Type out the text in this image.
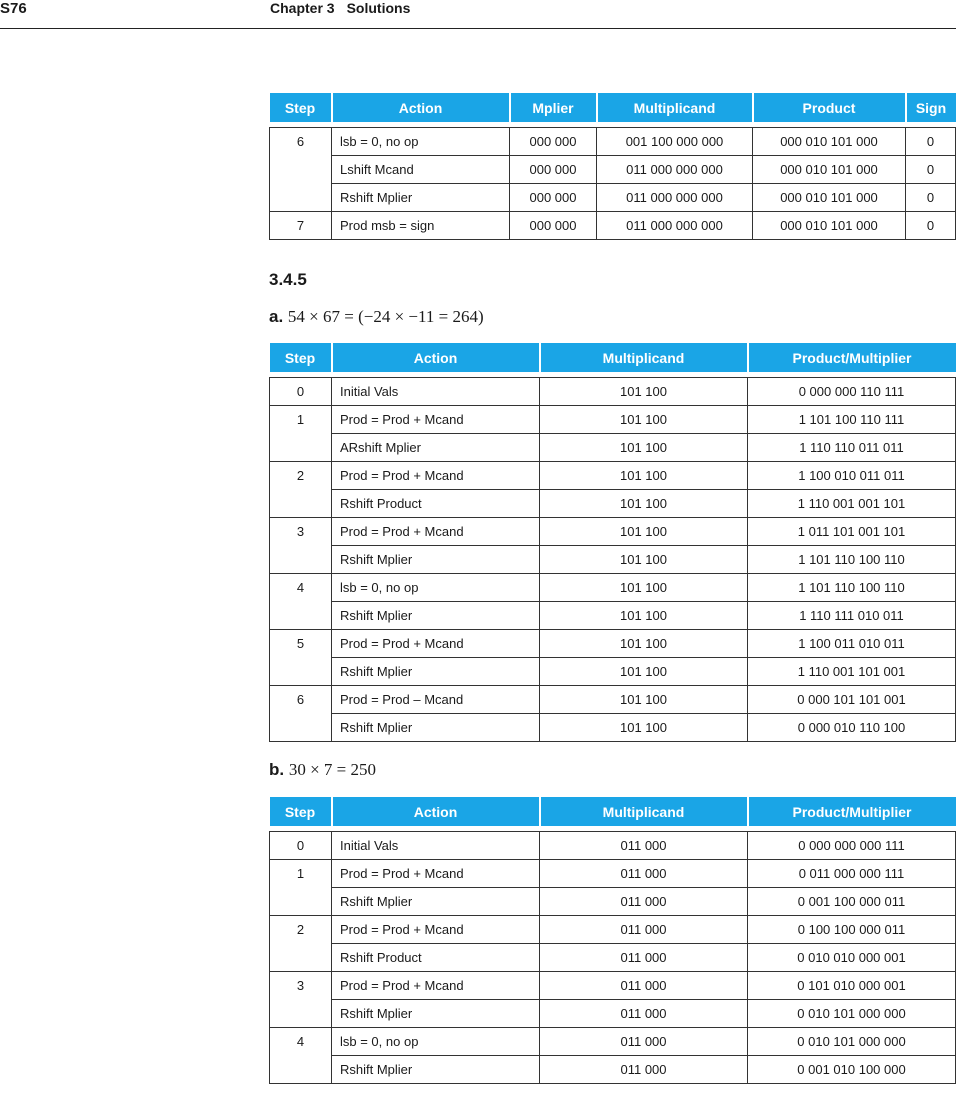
S76	Chapter 3 Solutions
Step	Action	Mplier	Multiplicand	Product	Sign

6	lsb = 0, no op	000 000	001 100 000 000	000 010 101 000	0
	Lshift Mcand	000 000	011 000 000 000	000 010 101 000	0
	Rshift Mplier	000 000	011 000 000 000	000 010 101 000	0
7	Prod msb = sign	000 000	011 000 000 000	000 010 101 000	0
3.4.5
a. 54 × 67 = (−24 × −11 = 264)
Step	Action	Multiplicand	Product/Multiplier

0	Initial Vals	101 100	0 000 000 110 111
1	Prod = Prod + Mcand	101 100	1 101 100 110 111
	ARshift Mplier	101 100	1 110 110 011 011
2	Prod = Prod + Mcand	101 100	1 100 010 011 011
	Rshift Product	101 100	1 110 001 001 101
3	Prod = Prod + Mcand	101 100	1 011 101 001 101
	Rshift Mplier	101 100	1 101 110 100 110
4	lsb = 0, no op	101 100	1 101 110 100 110
	Rshift Mplier	101 100	1 110 111 010 011
5	Prod = Prod + Mcand	101 100	1 100 011 010 011
	Rshift Mplier	101 100	1 110 001 101 001
6	Prod = Prod – Mcand	101 100	0 000 101 101 001
	Rshift Mplier	101 100	0 000 010 110 100
b. 30 × 7 = 250
Step	Action	Multiplicand	Product/Multiplier

0	Initial Vals	011 000	0 000 000 000 111
1	Prod = Prod + Mcand	011 000	0 011 000 000 111
	Rshift Mplier	011 000	0 001 100 000 011
2	Prod = Prod + Mcand	011 000	0 100 100 000 011
	Rshift Product	011 000	0 010 010 000 001
3	Prod = Prod + Mcand	011 000	0 101 010 000 001
	Rshift Mplier	011 000	0 010 101 000 000
4	lsb = 0, no op	011 000	0 010 101 000 000
	Rshift Mplier	011 000	0 001 010 100 000
